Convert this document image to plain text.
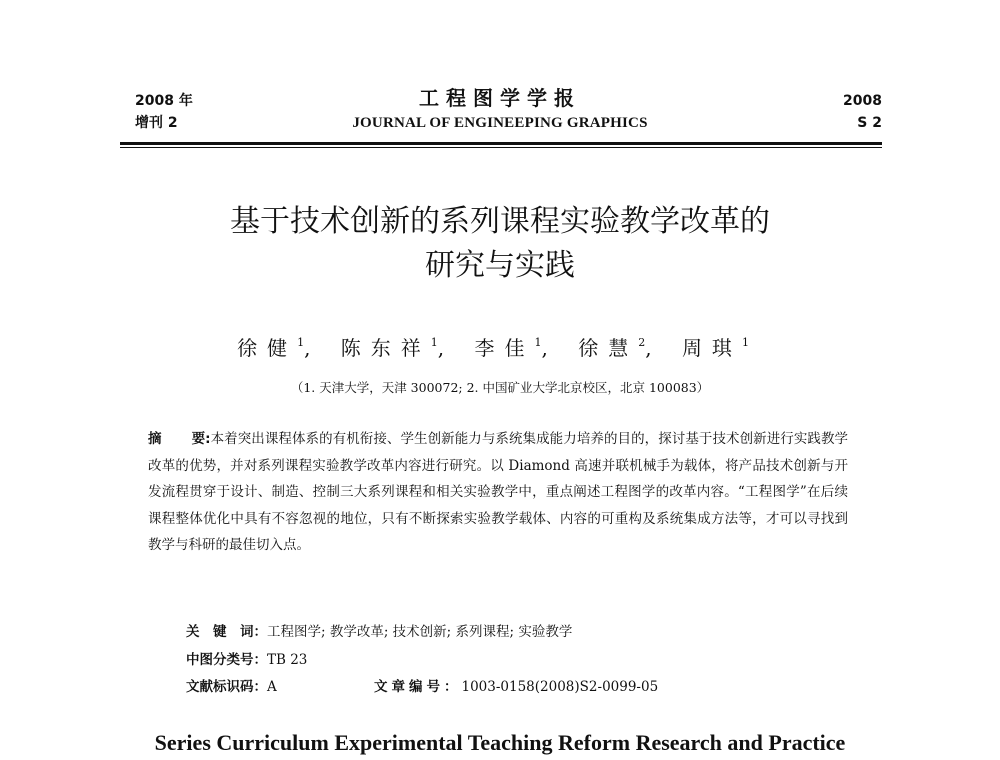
2008 年
增刊 2
工程图学学报
JOURNAL OF ENGINEEPING GRAPHICS
2008
S 2
基于技术创新的系列课程实验教学改革的
研究与实践
徐健$^1$, 陈东祥$^1$, 李佳$^1$, 徐慧$^2$, 周琪$^1$
（1. 天津大学，天津 300072; 2. 中国矿业大学北京校区，北京 100083）
摘 要:本着突出课程体系的有机衔接、学生创新能力与系统集成能力培养的目的，探讨基于技术创新进行实践教学改革的优势，并对系列课程实验教学改革内容进行研究。以 Diamond 高速并联机械手为载体，将产品技术创新与开发流程贯穿于设计、制造、控制三大系列课程和相关实验教学中，重点阐述工程图学的改革内容。“工程图学”在后续课程整体优化中具有不容忽视的地位，只有不断探索实验教学载体、内容的可重构及系统集成方法等，才可以寻找到教学与科研的最佳切入点。
关　键　词：工程图学; 教学改革; 技术创新; 系列课程; 实验教学
中图分类号：TB 23
文献标识码：A	文章编号：1003-0158(2008)S2-0099-05
Series Curriculum Experimental Teaching Reform Research and Practice
